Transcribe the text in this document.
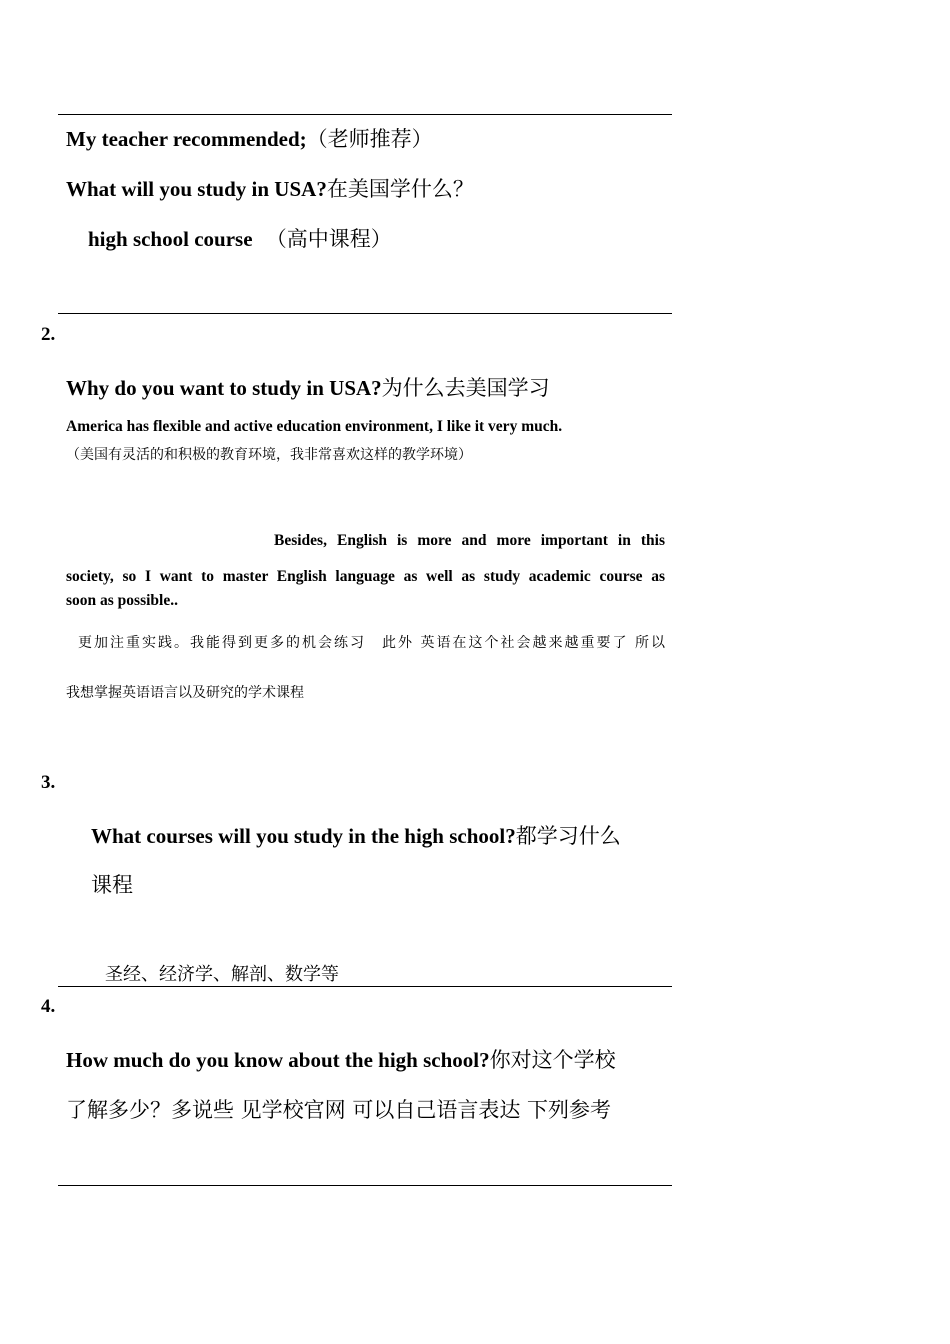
My teacher recommended;（老师推荐）
What will you study in USA?在美国学什么？
high school course （高中课程）
2.
Why do you want to study in USA?为什么去美国学习
America has flexible and active education environment, I like it very much.
（美国有灵活的和积极的教育环境，我非常喜欢这样的教学环境）
Besides, English is more and more important in this
society, so I want to master English language as well as study academic course as
soon as possible..
更加注重实践。我能得到更多的机会练习　此外 英语在这个社会越来越重要了 所以
我想掌握英语语言以及研究的学术课程
3.
What courses will you study in the high school?都学习什么
课程
圣经、经济学、解剖、数学等
4.
How much do you know about the high school?你对这个学校
了解多少？多说些 见学校官网 可以自己语言表达 下列参考
